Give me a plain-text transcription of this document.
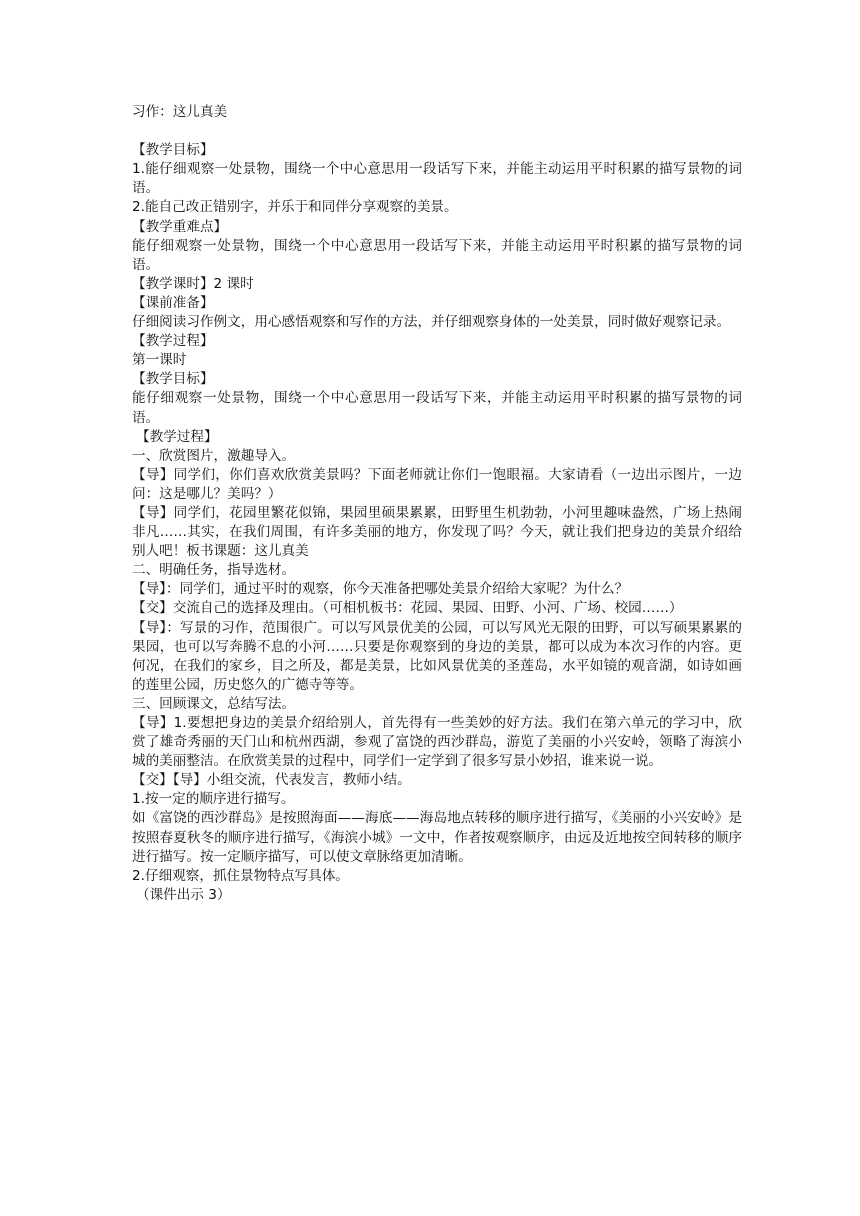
习作：这儿真美

【教学目标】

1.能仔细观察一处景物，围绕一个中心意思用一段话写下来，并能主动运用平时积累的描写景物的词语。

2.能自己改正错别字，并乐于和同伴分享观察的美景。

【教学重难点】

能仔细观察一处景物，围绕一个中心意思用一段话写下来，并能主动运用平时积累的描写景物的词语。

【教学课时】2 课时

【课前准备】

仔细阅读习作例文，用心感悟观察和写作的方法，并仔细观察身体的一处美景，同时做好观察记录。

【教学过程】

第一课时

【教学目标】

能仔细观察一处景物，围绕一个中心意思用一段话写下来，并能主动运用平时积累的描写景物的词语。

【教学过程】

一、欣赏图片，激趣导入。

【导】同学们，你们喜欢欣赏美景吗？下面老师就让你们一饱眼福。大家请看（一边出示图片，一边问：这是哪儿？美吗？）

【导】同学们，花园里繁花似锦，果园里硕果累累，田野里生机勃勃，小河里趣味盎然，广场上热闹非凡……其实，在我们周围，有许多美丽的地方，你发现了吗？今天，就让我们把身边的美景介绍给别人吧！板书课题：这儿真美

二、明确任务，指导选材。

【导】：同学们，通过平时的观察，你今天准备把哪处美景介绍给大家呢？为什么？

【交】交流自己的选择及理由。（可相机板书：花园、果园、田野、小河、广场、校园……）

【导】：写景的习作，范围很广。可以写风景优美的公园，可以写风光无限的田野，可以写硕果累累的果园，也可以写奔腾不息的小河……只要是你观察到的身边的美景，都可以成为本次习作的内容。更何况，在我们的家乡，目之所及，都是美景，比如风景优美的圣莲岛，水平如镜的观音湖，如诗如画的莲里公园，历史悠久的广德寺等等。

三、回顾课文，总结写法。

【导】1.要想把身边的美景介绍给别人，首先得有一些美妙的好方法。我们在第六单元的学习中，欣赏了雄奇秀丽的天门山和杭州西湖，参观了富饶的西沙群岛，游览了美丽的小兴安岭，领略了海滨小城的美丽整洁。在欣赏美景的过程中，同学们一定学到了很多写景小妙招，谁来说一说。

【交】【导】小组交流，代表发言，教师小结。

1.按一定的顺序进行描写。

如《富饶的西沙群岛》是按照海面——海底——海岛地点转移的顺序进行描写，《美丽的小兴安岭》是按照春夏秋冬的顺序进行描写，《海滨小城》一文中，作者按观察顺序，由远及近地按空间转移的顺序进行描写。按一定顺序描写，可以使文章脉络更加清晰。

2.仔细观察，抓住景物特点写具体。

（课件出示 3）
